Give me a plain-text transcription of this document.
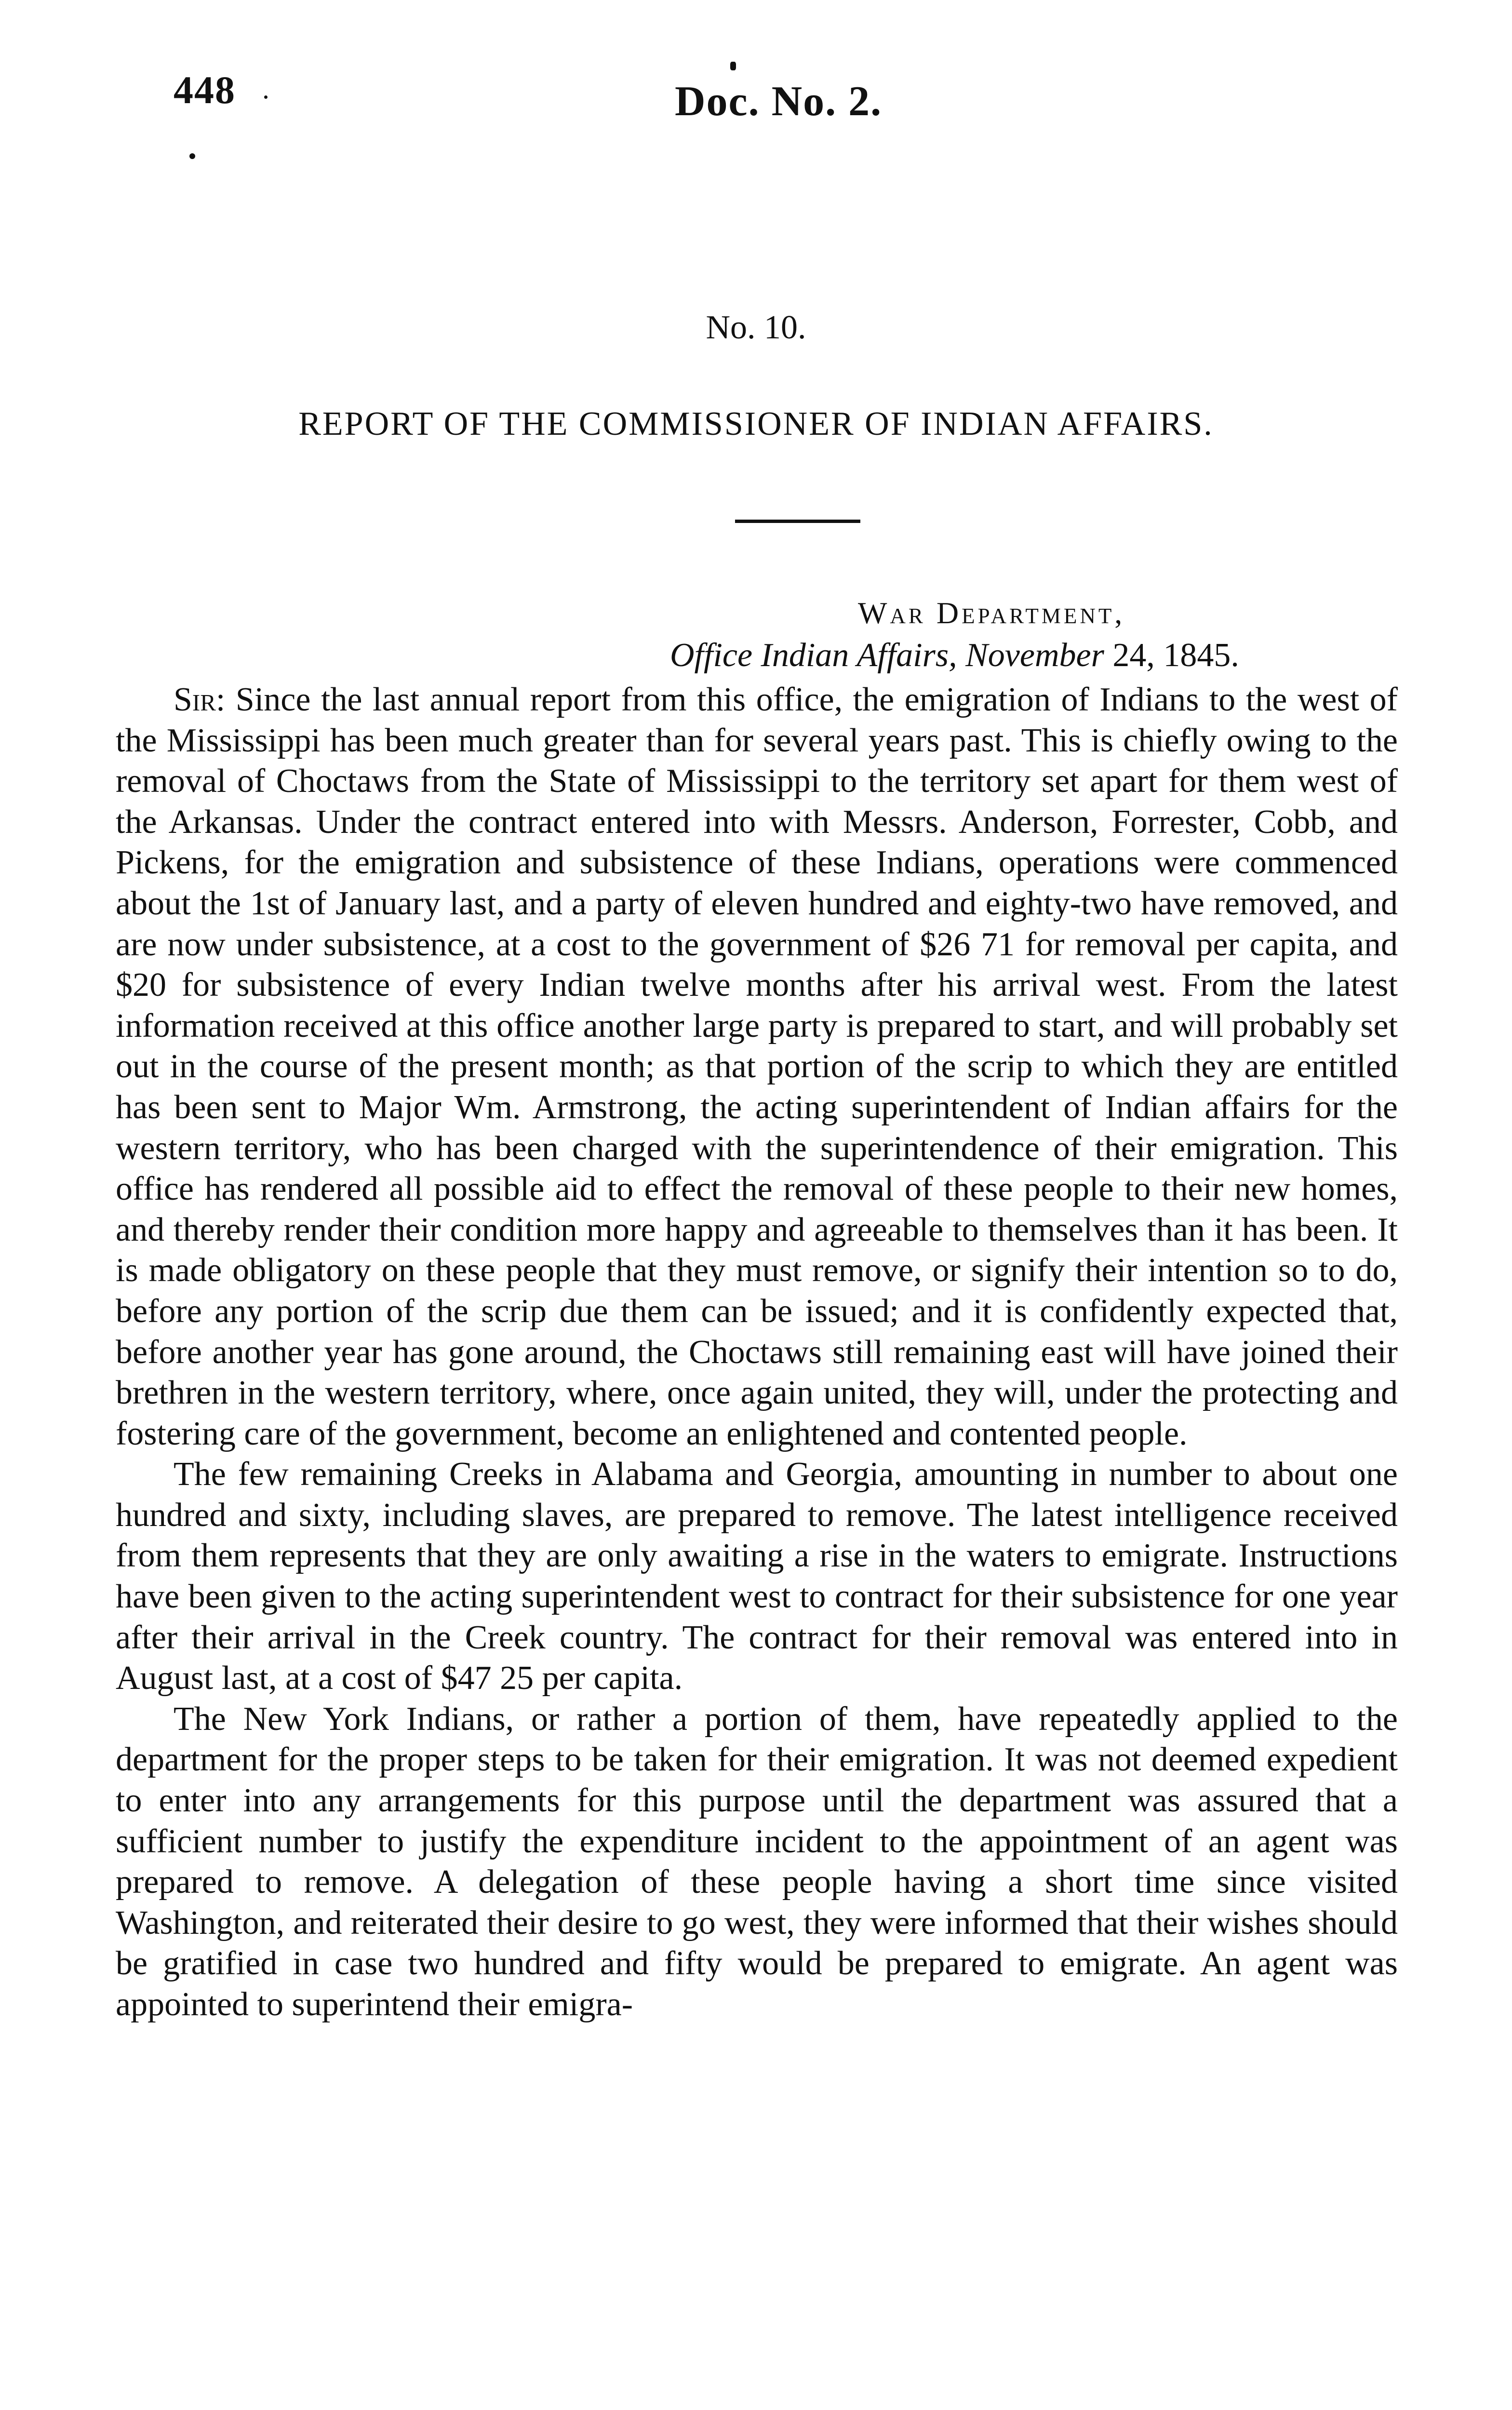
448	Doc. No. 2.
No. 10.
REPORT OF THE COMMISSIONER OF INDIAN AFFAIRS.
War Department,
Office Indian Affairs, November 24, 1845.

Sir: Since the last annual report from this office, the emigration of Indians to the west of the Mississippi has been much greater than for several years past. This is chiefly owing to the removal of Choctaws from the State of Mississippi to the territory set apart for them west of the Arkansas. Under the contract entered into with Messrs. Anderson, Forrester, Cobb, and Pickens, for the emigration and subsistence of these Indians, operations were commenced about the 1st of January last, and a party of eleven hundred and eighty-two have removed, and are now under subsistence, at a cost to the government of $26 71 for removal per capita, and $20 for subsistence of every Indian twelve months after his arrival west. From the latest information received at this office another large party is prepared to start, and will probably set out in the course of the present month; as that portion of the scrip to which they are entitled has been sent to Major Wm. Armstrong, the acting superintendent of Indian affairs for the western territory, who has been charged with the superintendence of their emigration. This office has rendered all possible aid to effect the removal of these people to their new homes, and thereby render their condition more happy and agreeable to themselves than it has been. It is made obligatory on these people that they must remove, or signify their intention so to do, before any portion of the scrip due them can be issued; and it is confidently expected that, before another year has gone around, the Choctaws still remaining east will have joined their brethren in the western territory, where, once again united, they will, under the protecting and fostering care of the government, become an enlightened and contented people.

The few remaining Creeks in Alabama and Georgia, amounting in number to about one hundred and sixty, including slaves, are prepared to remove. The latest intelligence received from them represents that they are only awaiting a rise in the waters to emigrate. Instructions have been given to the acting superintendent west to contract for their subsistence for one year after their arrival in the Creek country. The contract for their removal was entered into in August last, at a cost of $47 25 per capita.

The New York Indians, or rather a portion of them, have repeatedly applied to the department for the proper steps to be taken for their emigration. It was not deemed expedient to enter into any arrangements for this purpose until the department was assured that a sufficient number to justify the expenditure incident to the appointment of an agent was prepared to remove. A delegation of these people having a short time since visited Washington, and reiterated their desire to go west, they were informed that their wishes should be gratified in case two hundred and fifty would be prepared to emigrate. An agent was appointed to superintend their emigra-
